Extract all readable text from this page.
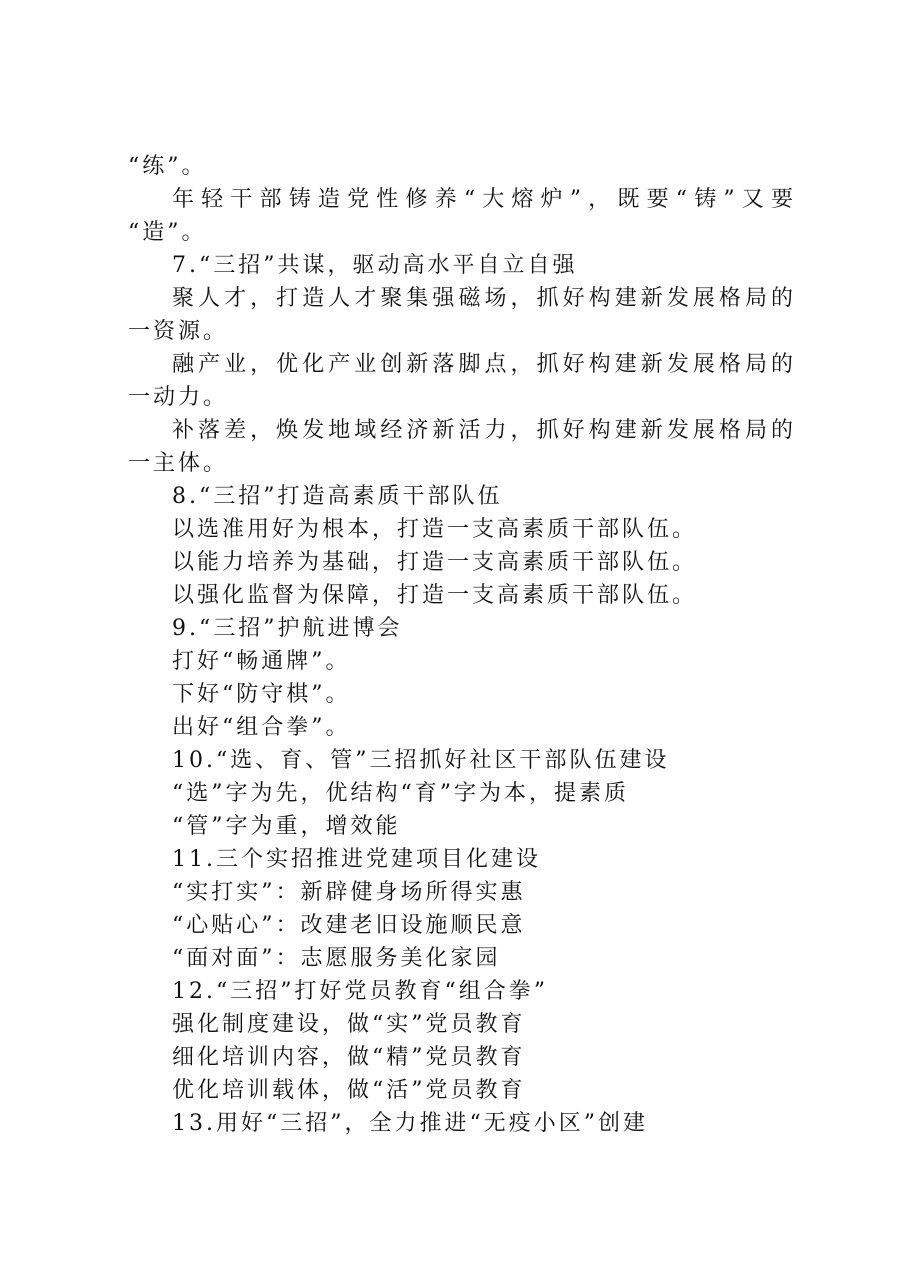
“练”。
年轻干部铸造党性修养“大熔炉”，既要“铸”又要
“造”。
7.“三招”共谋，驱动高水平自立自强
聚人才，打造人才聚集强磁场，抓好构建新发展格局的
一资源。
融产业，优化产业创新落脚点，抓好构建新发展格局的
一动力。
补落差，焕发地域经济新活力，抓好构建新发展格局的
一主体。
8.“三招”打造高素质干部队伍
以选准用好为根本，打造一支高素质干部队伍。
以能力培养为基础，打造一支高素质干部队伍。
以强化监督为保障，打造一支高素质干部队伍。
9.“三招”护航进博会
打好“畅通牌”。
下好“防守棋”。
出好“组合拳”。
10.“选、育、管”三招抓好社区干部队伍建设
“选”字为先，优结构“育”字为本，提素质
“管”字为重，增效能
11.三个实招推进党建项目化建设
“实打实”：新辟健身场所得实惠
“心贴心”：改建老旧设施顺民意
“面对面”：志愿服务美化家园
12.“三招”打好党员教育“组合拳”
强化制度建设，做“实”党员教育
细化培训内容，做“精”党员教育
优化培训载体，做“活”党员教育
13.用好“三招”，全力推进“无疫小区”创建
